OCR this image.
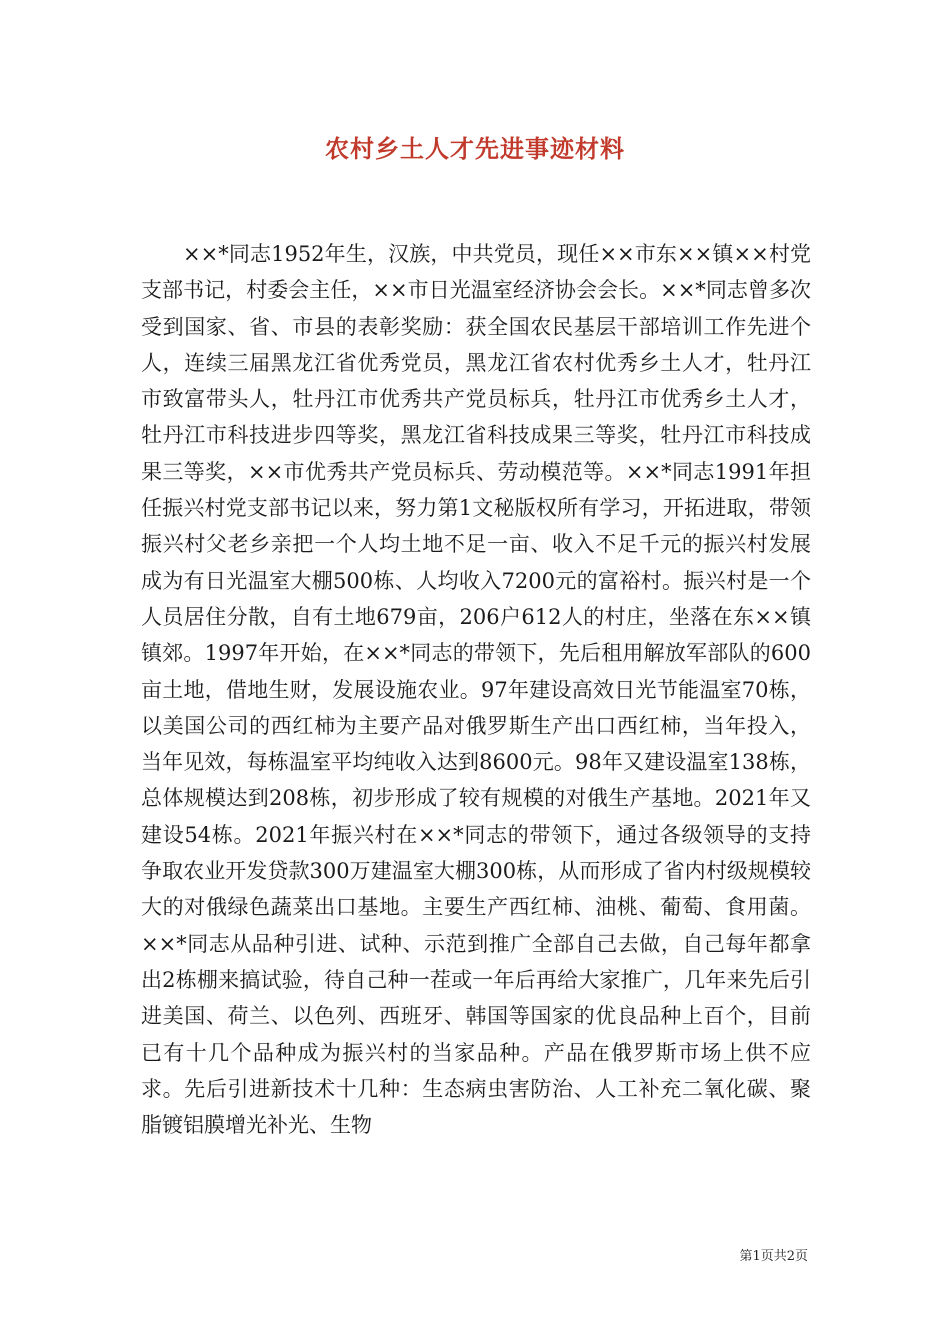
农村乡土人才先进事迹材料

××*同志1952年生，汉族，中共党员，现任××市东××镇××村党支部书记，村委会主任，××市日光温室经济协会会长。××*同志曾多次受到国家、省、市县的表彰奖励：获全国农民基层干部培训工作先进个人，连续三届黑龙江省优秀党员，黑龙江省农村优秀乡土人才，牡丹江市致富带头人，牡丹江市优秀共产党员标兵，牡丹江市优秀乡土人才，牡丹江市科技进步四等奖，黑龙江省科技成果三等奖，牡丹江市科技成果三等奖，××市优秀共产党员标兵、劳动模范等。××*同志1991年担任振兴村党支部书记以来，努力第1文秘版权所有学习，开拓进取，带领振兴村父老乡亲把一个人均土地不足一亩、收入不足千元的振兴村发展成为有日光温室大棚500栋、人均收入7200元的富裕村。振兴村是一个人员居住分散，自有土地679亩，206户612人的村庄，坐落在东××镇镇郊。1997年开始，在××*同志的带领下，先后租用解放军部队的600亩土地，借地生财，发展设施农业。97年建设高效日光节能温室70栋，以美国公司的西红柿为主要产品对俄罗斯生产出口西红柿，当年投入，当年见效，每栋温室平均纯收入达到8600元。98年又建设温室138栋，总体规模达到208栋，初步形成了较有规模的对俄生产基地。2021年又建设54栋。2021年振兴村在××*同志的带领下，通过各级领导的支持争取农业开发贷款300万建温室大棚300栋，从而形成了省内村级规模较大的对俄绿色蔬菜出口基地。主要生产西红柿、油桃、葡萄、食用菌。××*同志从品种引进、试种、示范到推广全部自己去做，自己每年都拿出2栋棚来搞试验，待自己种一茬或一年后再给大家推广，几年来先后引进美国、荷兰、以色列、西班牙、韩国等国家的优良品种上百个，目前已有十几个品种成为振兴村的当家品种。产品在俄罗斯市场上供不应求。先后引进新技术十几种：生态病虫害防治、人工补充二氧化碳、聚脂镀铝膜增光补光、生物

第1页共2页
